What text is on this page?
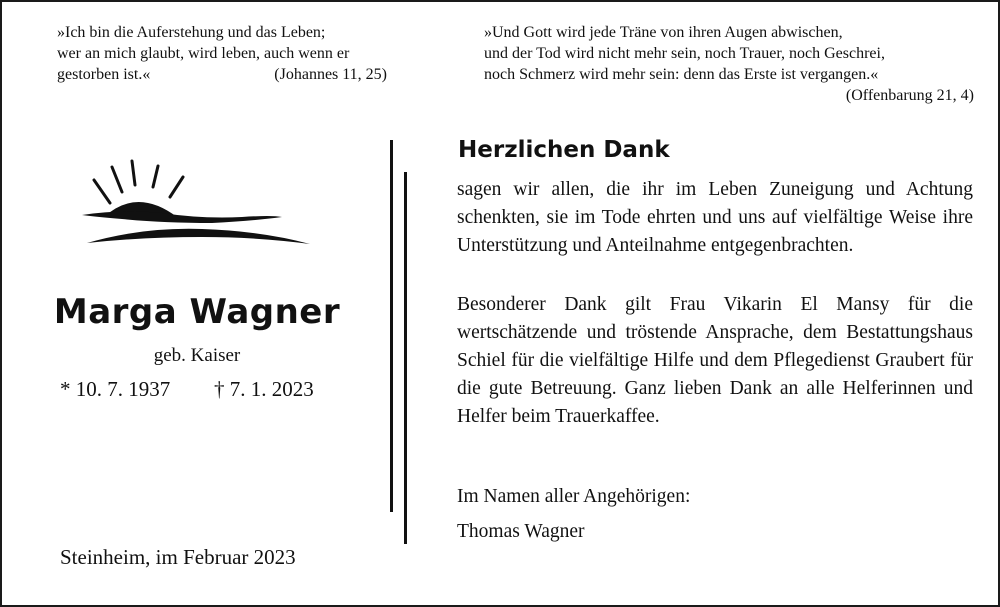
»Ich bin die Auferstehung und das Leben;
wer an mich glaubt, wird leben, auch wenn er
gestorben ist.«	(Johannes 11, 25)
»Und Gott wird jede Träne von ihren Augen abwischen,
und der Tod wird nicht mehr sein, noch Trauer, noch Geschrei,
noch Schmerz wird mehr sein: denn das Erste ist vergangen.«
(Offenbarung 21, 4)
Marga Wagner
geb. Kaiser
* 10. 7. 1937 † 7. 1. 2023
Steinheim, im Februar 2023
Herzlichen Dank
sagen wir allen, die ihr im Leben Zuneigung und Achtung schenkten, sie im Tode ehrten und uns auf vielfältige Weise ihre Unterstützung und Anteilnahme entgegenbrachten.
Besonderer Dank gilt Frau Vikarin El Mansy für die wertschätzende und tröstende Ansprache, dem Bestattungshaus Schiel für die vielfältige Hilfe und dem Pflegedienst Graubert für die gute Betreuung. Ganz lieben Dank an alle Helferinnen und Helfer beim Trauerkaffee.
Im Namen aller Angehörigen:
Thomas Wagner
